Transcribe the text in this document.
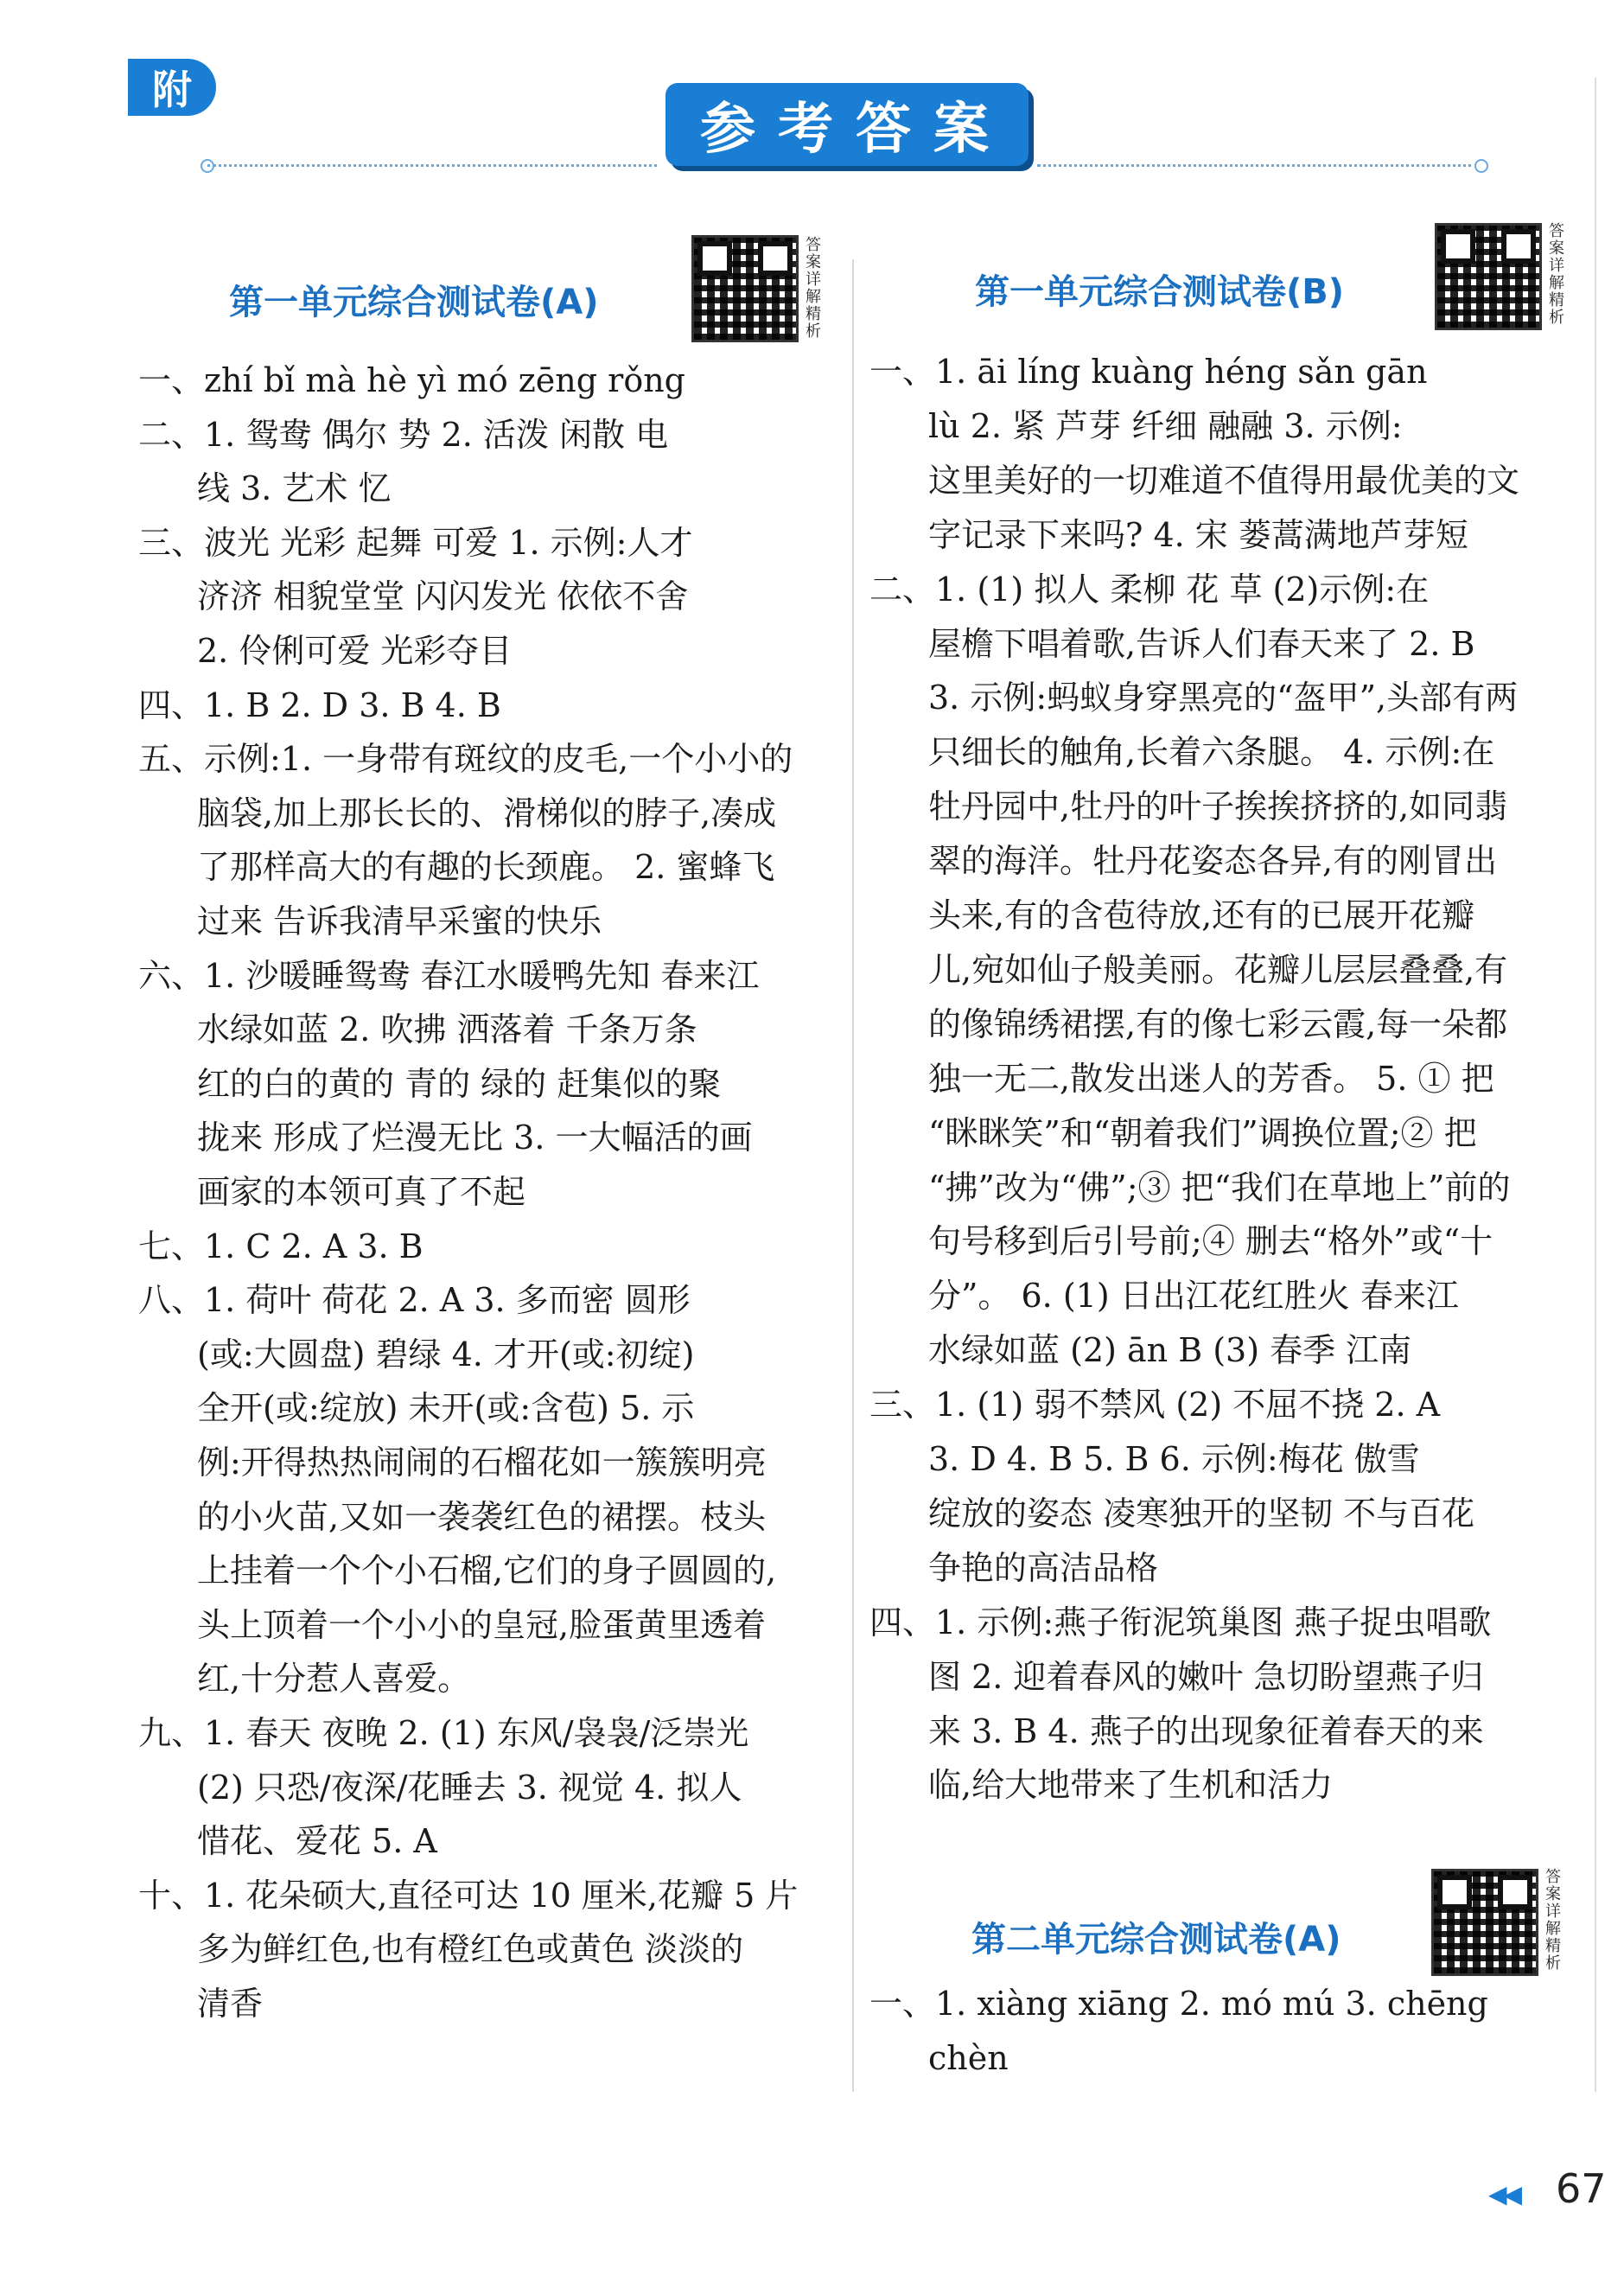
附
参考答案
第一单元综合测试卷(A)
答案详解精析
一、zhí bǐ mà hè yì mó zēng rǒng
二、1. 鸳鸯 偶尔 势 2. 活泼 闲散 电
线 3. 艺术 忆
三、波光 光彩 起舞 可爱 1. 示例:人才
济济 相貌堂堂 闪闪发光 依依不舍
2. 伶俐可爱 光彩夺目
四、1. B 2. D 3. B 4. B
五、示例:1. 一身带有斑纹的皮毛,一个小小的
脑袋,加上那长长的、滑梯似的脖子,凑成
了那样高大的有趣的长颈鹿。 2. 蜜蜂飞
过来 告诉我清早采蜜的快乐
六、1. 沙暖睡鸳鸯 春江水暖鸭先知 春来江
水绿如蓝 2. 吹拂 洒落着 千条万条
红的白的黄的 青的 绿的 赶集似的聚
拢来 形成了烂漫无比 3. 一大幅活的画
画家的本领可真了不起
七、1. C 2. A 3. B
八、1. 荷叶 荷花 2. A 3. 多而密 圆形
(或:大圆盘) 碧绿 4. 才开(或:初绽)
全开(或:绽放) 未开(或:含苞) 5. 示
例:开得热热闹闹的石榴花如一簇簇明亮
的小火苗,又如一袭袭红色的裙摆。枝头
上挂着一个个小石榴,它们的身子圆圆的,
头上顶着一个小小的皇冠,脸蛋黄里透着
红,十分惹人喜爱。
九、1. 春天 夜晚 2. (1) 东风/袅袅/泛崇光
(2) 只恐/夜深/花睡去 3. 视觉 4. 拟人
惜花、爱花 5. A
十、1. 花朵硕大,直径可达 10 厘米,花瓣 5 片
多为鲜红色,也有橙红色或黄色 淡淡的
清香
第一单元综合测试卷(B)
答案详解精析
一、1. āi líng kuàng héng sǎn gān
lù 2. 紧 芦芽 纤细 融融 3. 示例:
这里美好的一切难道不值得用最优美的文
字记录下来吗? 4. 宋 蒌蒿满地芦芽短
二、1. (1) 拟人 柔柳 花 草 (2)示例:在
屋檐下唱着歌,告诉人们春天来了 2. B
3. 示例:蚂蚁身穿黑亮的“盔甲”,头部有两
只细长的触角,长着六条腿。 4. 示例:在
牡丹园中,牡丹的叶子挨挨挤挤的,如同翡
翠的海洋。牡丹花姿态各异,有的刚冒出
头来,有的含苞待放,还有的已展开花瓣
儿,宛如仙子般美丽。花瓣儿层层叠叠,有
的像锦绣裙摆,有的像七彩云霞,每一朵都
独一无二,散发出迷人的芳香。 5. ① 把
“眯眯笑”和“朝着我们”调换位置;② 把
“拂”改为“佛”;③ 把“我们在草地上”前的
句号移到后引号前;④ 删去“格外”或“十
分”。 6. (1) 日出江花红胜火 春来江
水绿如蓝 (2) ān B (3) 春季 江南
三、1. (1) 弱不禁风 (2) 不屈不挠 2. A
3. D 4. B 5. B 6. 示例:梅花 傲雪
绽放的姿态 凌寒独开的坚韧 不与百花
争艳的高洁品格
四、1. 示例:燕子衔泥筑巢图 燕子捉虫唱歌
图 2. 迎着春风的嫩叶 急切盼望燕子归
来 3. B 4. 燕子的出现象征着春天的来
临,给大地带来了生机和活力
第二单元综合测试卷(A)
答案详解精析
一、1. xiàng xiāng 2. mó mú 3. chēng
chèn
◀◀ 67
